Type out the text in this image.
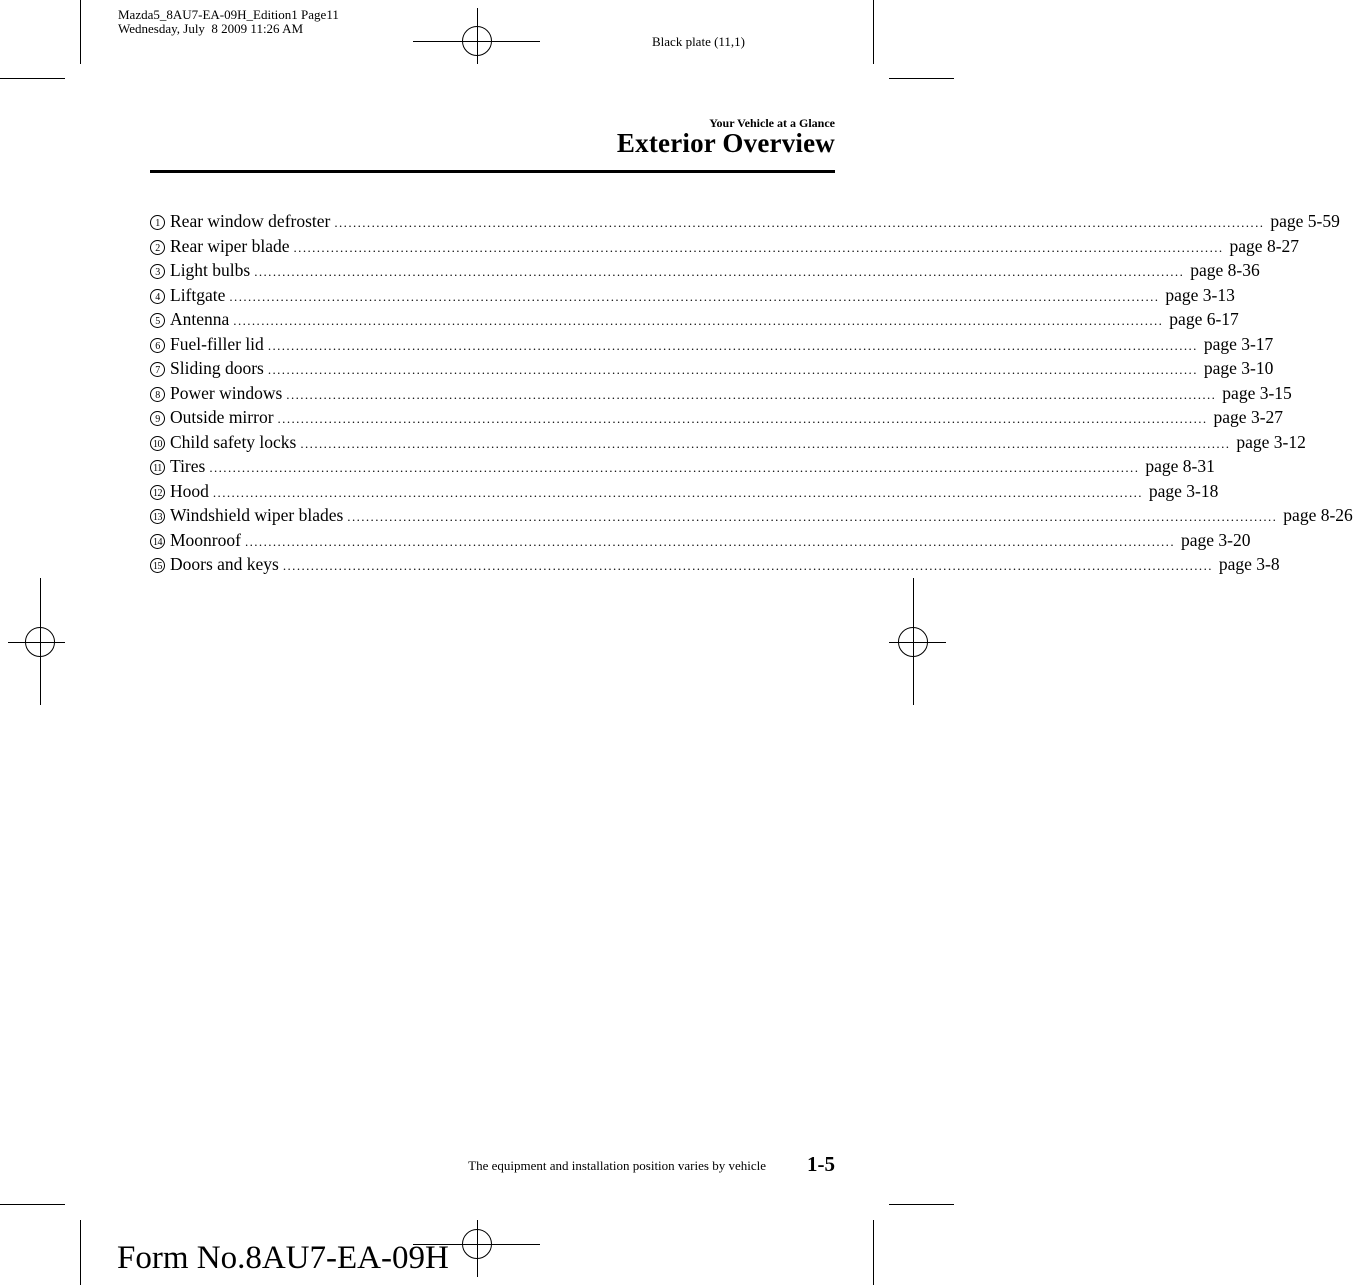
Mazda5_8AU7-EA-09H_Edition1 Page11
Wednesday, July  8 2009 11:26 AM
Black plate (11,1)
Your Vehicle at a Glance
Exterior Overview
1 Rear window defroster ........................................................................................................................................................................................................ page 5-59
2 Rear wiper blade ........................................................................................................................................................................................................ page 8-27
3 Light bulbs ........................................................................................................................................................................................................ page 8-36
4 Liftgate ........................................................................................................................................................................................................ page 3-13
5 Antenna ........................................................................................................................................................................................................ page 6-17
6 Fuel-filler lid ........................................................................................................................................................................................................ page 3-17
7 Sliding doors ........................................................................................................................................................................................................ page 3-10
8 Power windows ........................................................................................................................................................................................................ page 3-15
9 Outside mirror ........................................................................................................................................................................................................ page 3-27
10 Child safety locks ........................................................................................................................................................................................................ page 3-12
11 Tires ........................................................................................................................................................................................................ page 8-31
12 Hood ........................................................................................................................................................................................................ page 3-18
13 Windshield wiper blades ........................................................................................................................................................................................................ page 8-26
14 Moonroof ........................................................................................................................................................................................................ page 3-20
15 Doors and keys ........................................................................................................................................................................................................ page 3-8
The equipment and installation position varies by vehicle 1-5
Form No.8AU7-EA-09H
